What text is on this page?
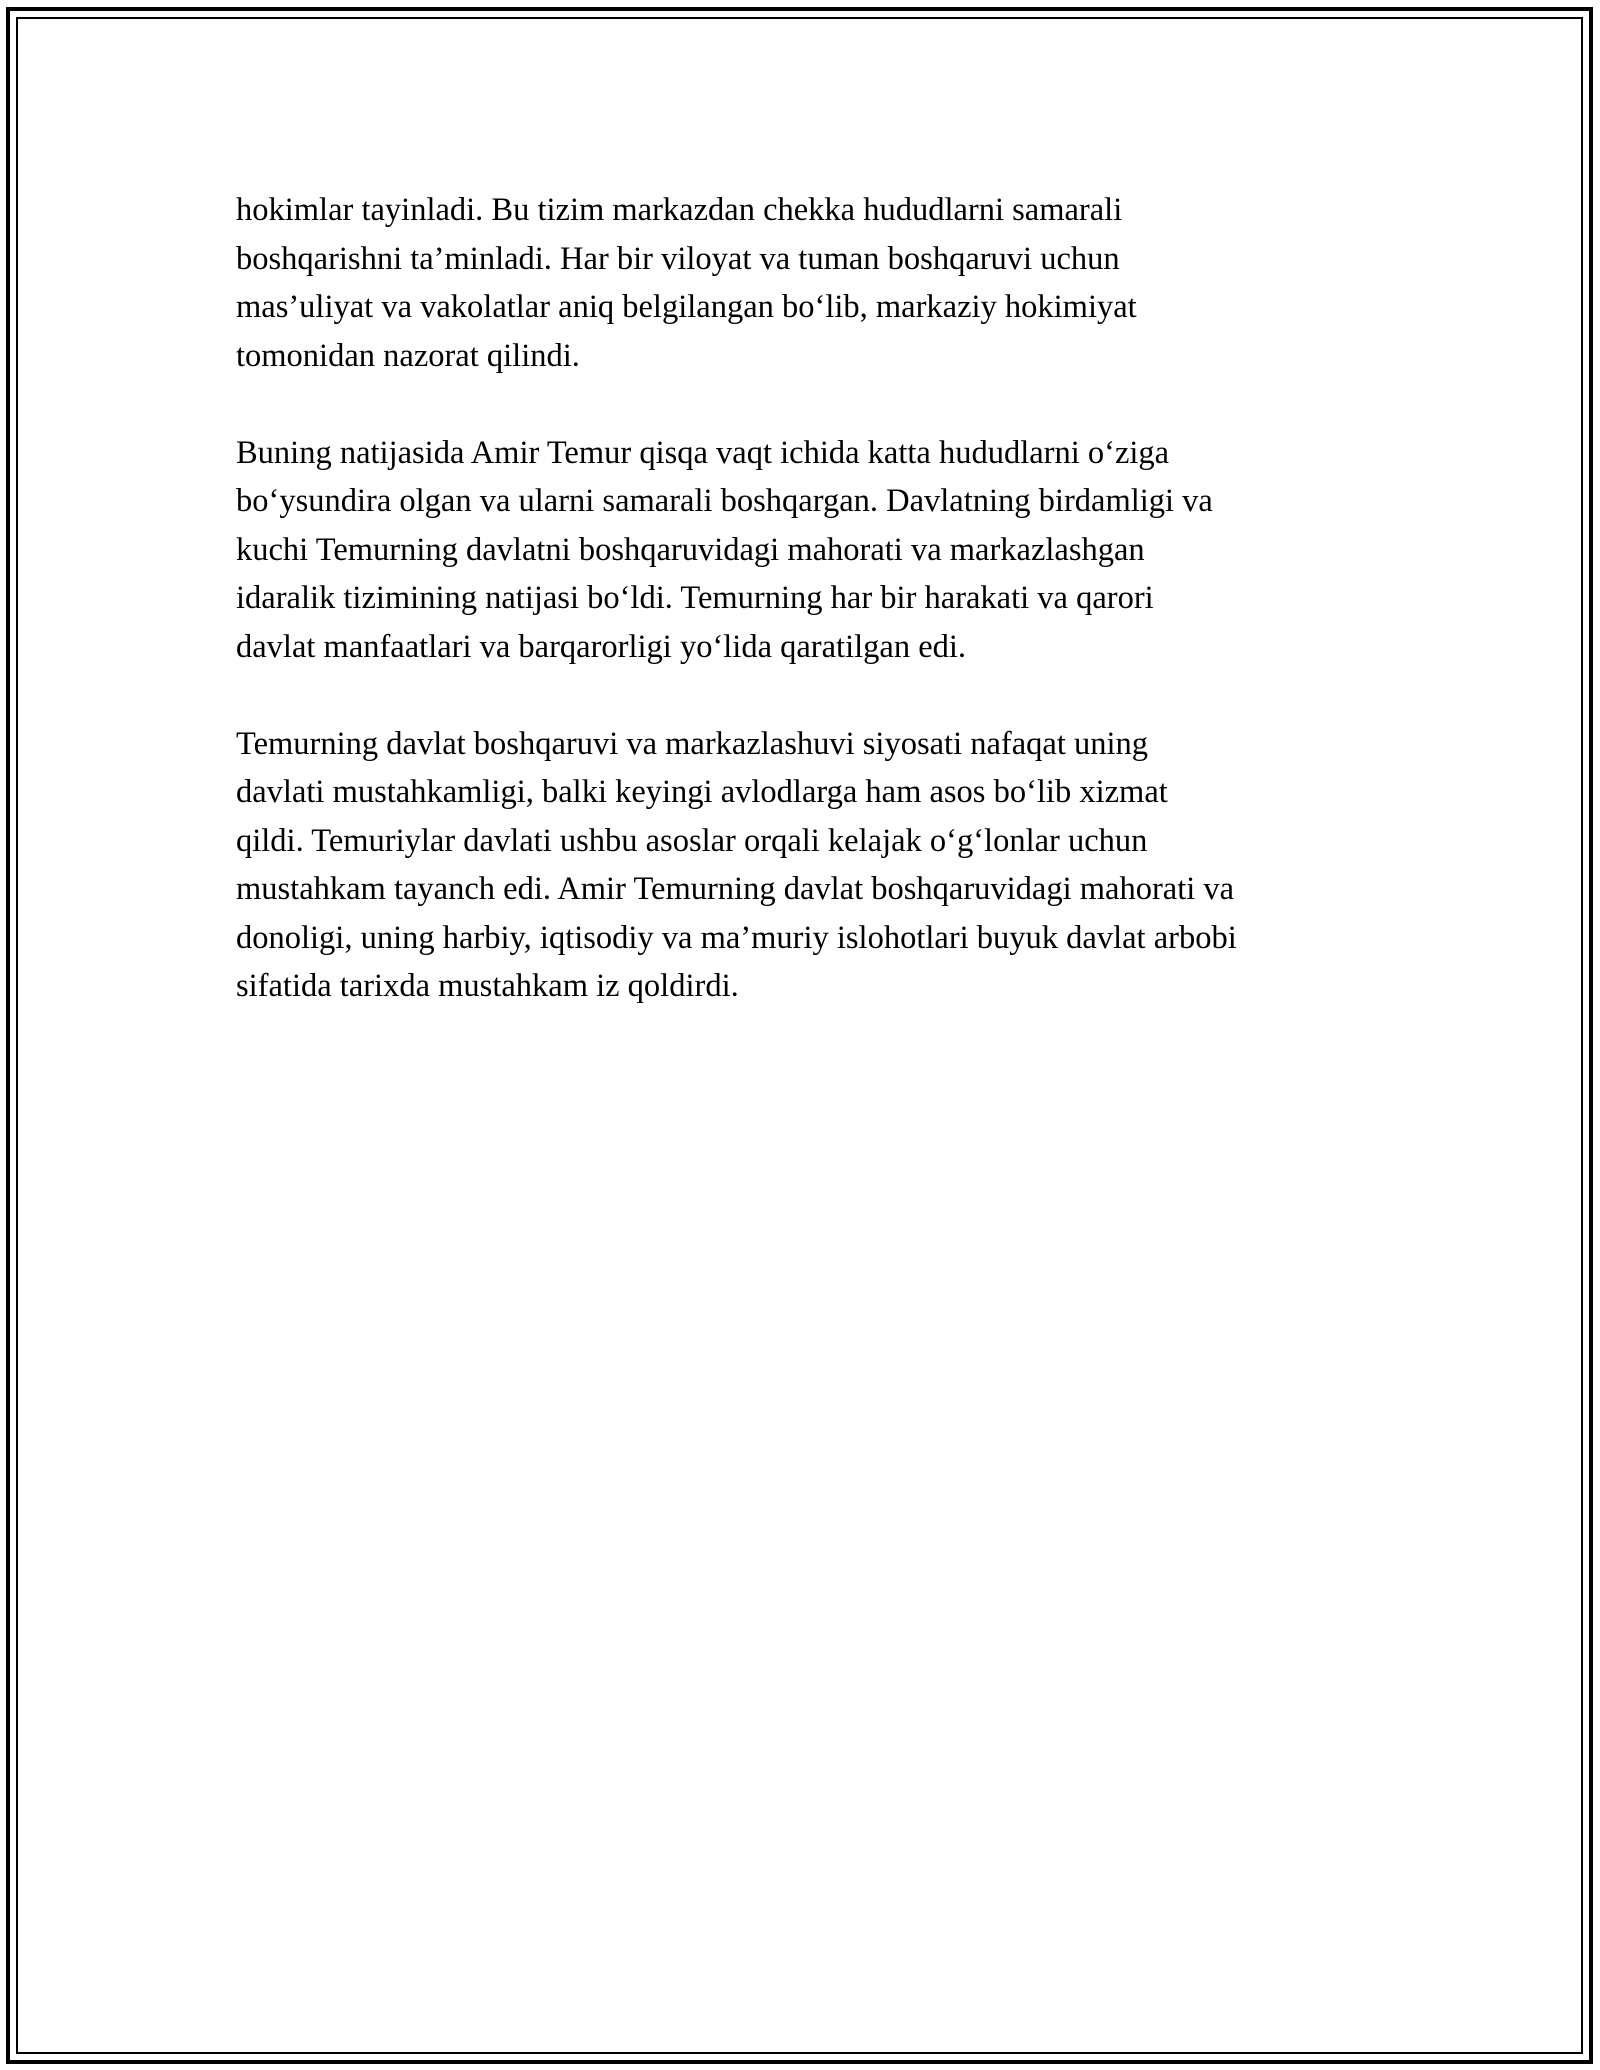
hokimlar tayinladi. Bu tizim markazdan chekka hududlarni samarali
boshqarishni ta’minladi. Har bir viloyat va tuman boshqaruvi uchun
mas’uliyat va vakolatlar aniq belgilangan bo‘lib, markaziy hokimiyat
tomonidan nazorat qilindi.

Buning natijasida Amir Temur qisqa vaqt ichida katta hududlarni o‘ziga
bo‘ysundira olgan va ularni samarali boshqargan. Davlatning birdamligi va
kuchi Temurning davlatni boshqaruvidagi mahorati va markazlashgan
idaralik tizimining natijasi bo‘ldi. Temurning har bir harakati va qarori
davlat manfaatlari va barqarorligi yo‘lida qaratilgan edi.

Temurning davlat boshqaruvi va markazlashuvi siyosati nafaqat uning
davlati mustahkamligi, balki keyingi avlodlarga ham asos bo‘lib xizmat
qildi. Temuriylar davlati ushbu asoslar orqali kelajak o‘g‘lonlar uchun
mustahkam tayanch edi. Amir Temurning davlat boshqaruvidagi mahorati va
donoligi, uning harbiy, iqtisodiy va ma’muriy islohotlari buyuk davlat arbobi
sifatida tarixda mustahkam iz qoldirdi.
